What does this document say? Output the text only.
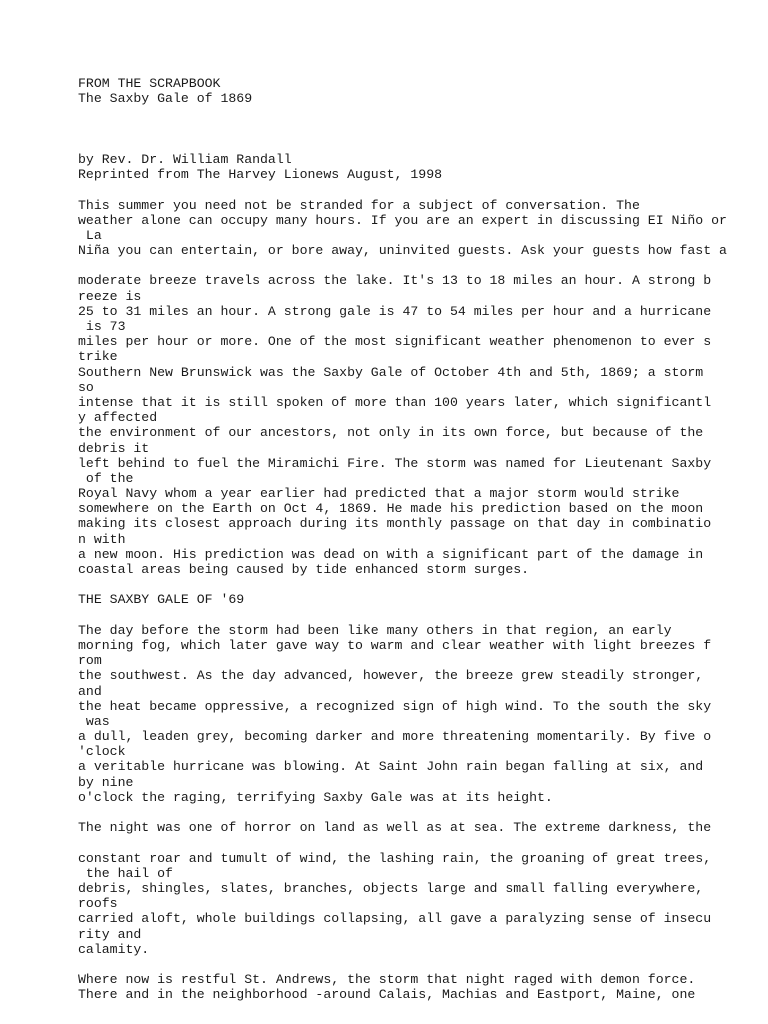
FROM THE SCRAPBOOK
The Saxby Gale of 1869
by Rev. Dr. William Randall
Reprinted from The Harvey Lionews August, 1998
This summer you need not be stranded for a subject of conversation. The
weather alone can occupy many hours. If you are an expert in discussing EI Niño or
La
Niña you can entertain, or bore away, uninvited guests. Ask your guests how fast a
moderate breeze travels across the lake. It's 13 to 18 miles an hour. A strong b
reeze is
25 to 31 miles an hour. A strong gale is 47 to 54 miles per hour and a hurricane
is 73
miles per hour or more. One of the most significant weather phenomenon to ever s
trike
Southern New Brunswick was the Saxby Gale of October 4th and 5th, 1869; a storm
so
intense that it is still spoken of more than 100 years later, which significantl
y affected
the environment of our ancestors, not only in its own force, but because of the
debris it
left behind to fuel the Miramichi Fire. The storm was named for Lieutenant Saxby
of the
Royal Navy whom a year earlier had predicted that a major storm would strike
somewhere on the Earth on Oct 4, 1869. He made his prediction based on the moon
making its closest approach during its monthly passage on that day in combinatio
n with
a new moon. His prediction was dead on with a significant part of the damage in
coastal areas being caused by tide enhanced storm surges.
THE SAXBY GALE OF '69
The day before the storm had been like many others in that region, an early
morning fog, which later gave way to warm and clear weather with light breezes f
rom
the southwest. As the day advanced, however, the breeze grew steadily stronger,
and
the heat became oppressive, a recognized sign of high wind. To the south the sky
was
a dull, leaden grey, becoming darker and more threatening momentarily. By five o
'clock
a veritable hurricane was blowing. At Saint John rain began falling at six, and
by nine
o'clock the raging, terrifying Saxby Gale was at its height.
The night was one of horror on land as well as at sea. The extreme darkness, the
constant roar and tumult of wind, the lashing rain, the groaning of great trees,
the hail of
debris, shingles, slates, branches, objects large and small falling everywhere,
roofs
carried aloft, whole buildings collapsing, all gave a paralyzing sense of insecu
rity and
calamity.
Where now is restful St. Andrews, the storm that night raged with demon force.
There and in the neighborhood -around Calais, Machias and Eastport, Maine, one
